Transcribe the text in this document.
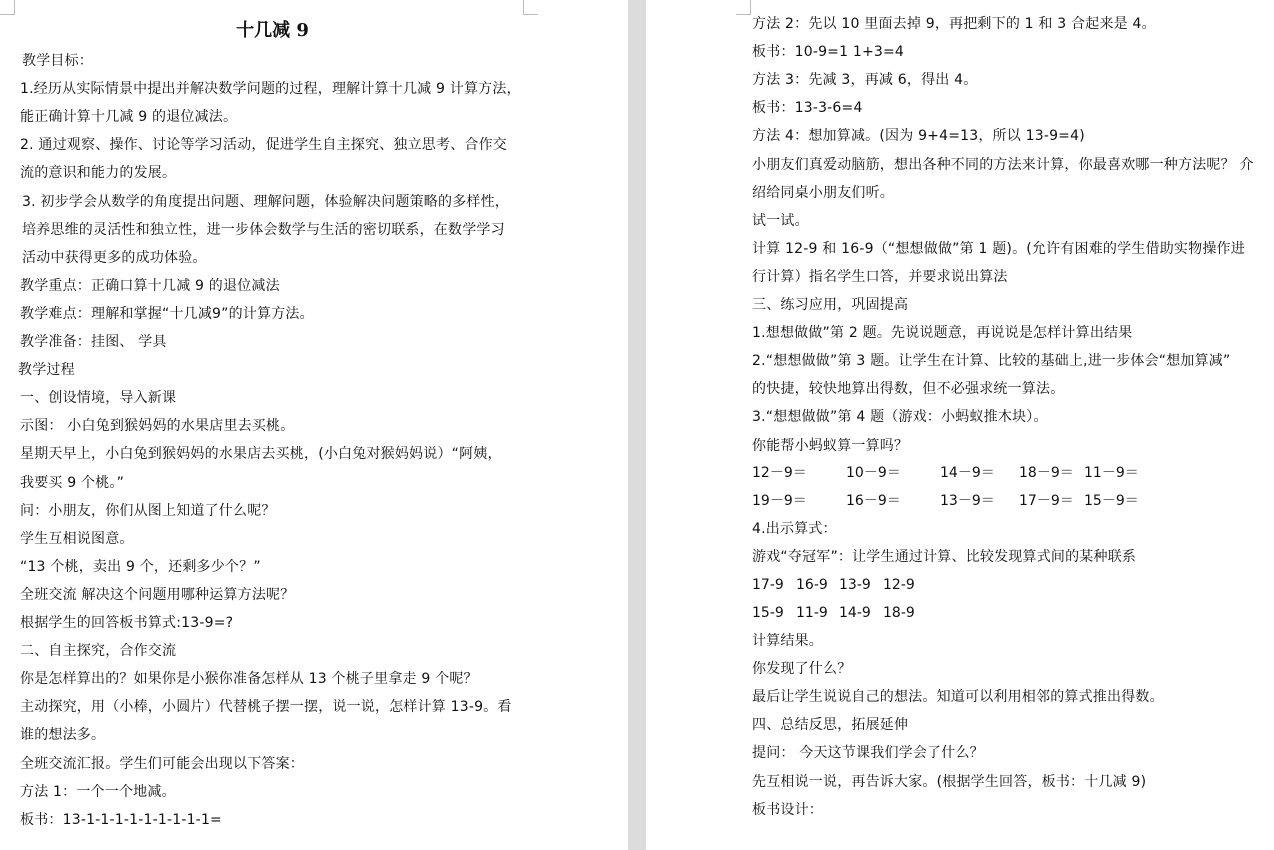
十几减 9
教学目标：
1.经历从实际情景中提出并解决数学问题的过程，理解计算十几减 9 计算方法，
能正确计算十几减 9 的退位减法。
2. 通过观察、操作、讨论等学习活动，促进学生自主探究、独立思考、合作交
流的意识和能力的发展。
3. 初步学会从数学的角度提出问题、理解问题，体验解决问题策略的多样性，
培养思维的灵活性和独立性，进一步体会数学与生活的密切联系，在数学学习
活动中获得更多的成功体验。
教学重点：正确口算十几减 9 的退位减法
教学难点：理解和掌握“十几减9”的计算方法。
教学准备：挂图、 学具
教学过程
一、创设情境，导入新课
示图： 小白兔到猴妈妈的水果店里去买桃。
星期天早上，小白兔到猴妈妈的水果店去买桃，(小白兔对猴妈妈说）“阿姨，
我要买 9 个桃。”
问：小朋友，你们从图上知道了什么呢？
学生互相说图意。
“13 个桃，卖出 9 个，还剩多少个？”
全班交流 解决这个问题用哪种运算方法呢？
根据学生的回答板书算式:13-9=?
二、自主探究，合作交流
你是怎样算出的？如果你是小猴你准备怎样从 13 个桃子里拿走 9 个呢？
主动探究，用（小棒，小圆片）代替桃子摆一摆，说一说，怎样计算 13-9。看
谁的想法多。
全班交流汇报。学生们可能会出现以下答案：
方法 1：一个一个地减。
板书：13-1-1-1-1-1-1-1-1-1=
方法 2：先以 10 里面去掉 9，再把剩下的 1 和 3 合起来是 4。
板书：10-9=1 1+3=4
方法 3：先减 3，再减 6，得出 4。
板书：13-3-6=4
方法 4：想加算减。(因为 9+4=13，所以 13-9=4)
小朋友们真爱动脑筋，想出各种不同的方法来计算，你最喜欢哪一种方法呢？ 介
绍给同桌小朋友们听。
试一试。
计算 12-9 和 16-9（“想想做做”第 1 题)。(允许有困难的学生借助实物操作进
行计算）指名学生口答，并要求说出算法
三、练习应用，巩固提高
1.想想做做”第 2 题。先说说题意，再说说是怎样计算出结果
2.“想想做做”第 3 题。让学生在计算、比较的基础上,进一步体会“想加算减”
的快捷，较快地算出得数，但不必强求统一算法。
3.“想想做做”第 4 题（游戏：小蚂蚁推木块）。
你能帮小蚂蚁算一算吗？
12－9＝	10－9＝	14－9＝ 18－9＝ 11－9＝
19－9＝	16－9＝	13－9＝ 17－9＝ 15－9＝
4.出示算式：
游戏“夺冠军”：让学生通过计算、比较发现算式间的某种联系
17-9 16-9 13-9 12-9
15-9 11-9 14-9 18-9
计算结果。
你发现了什么？
最后让学生说说自己的想法。知道可以利用相邻的算式推出得数。
四、总结反思，拓展延伸
提问： 今天这节课我们学会了什么？
先互相说一说，再告诉大家。(根据学生回答，板书：十几减 9)
板书设计：
